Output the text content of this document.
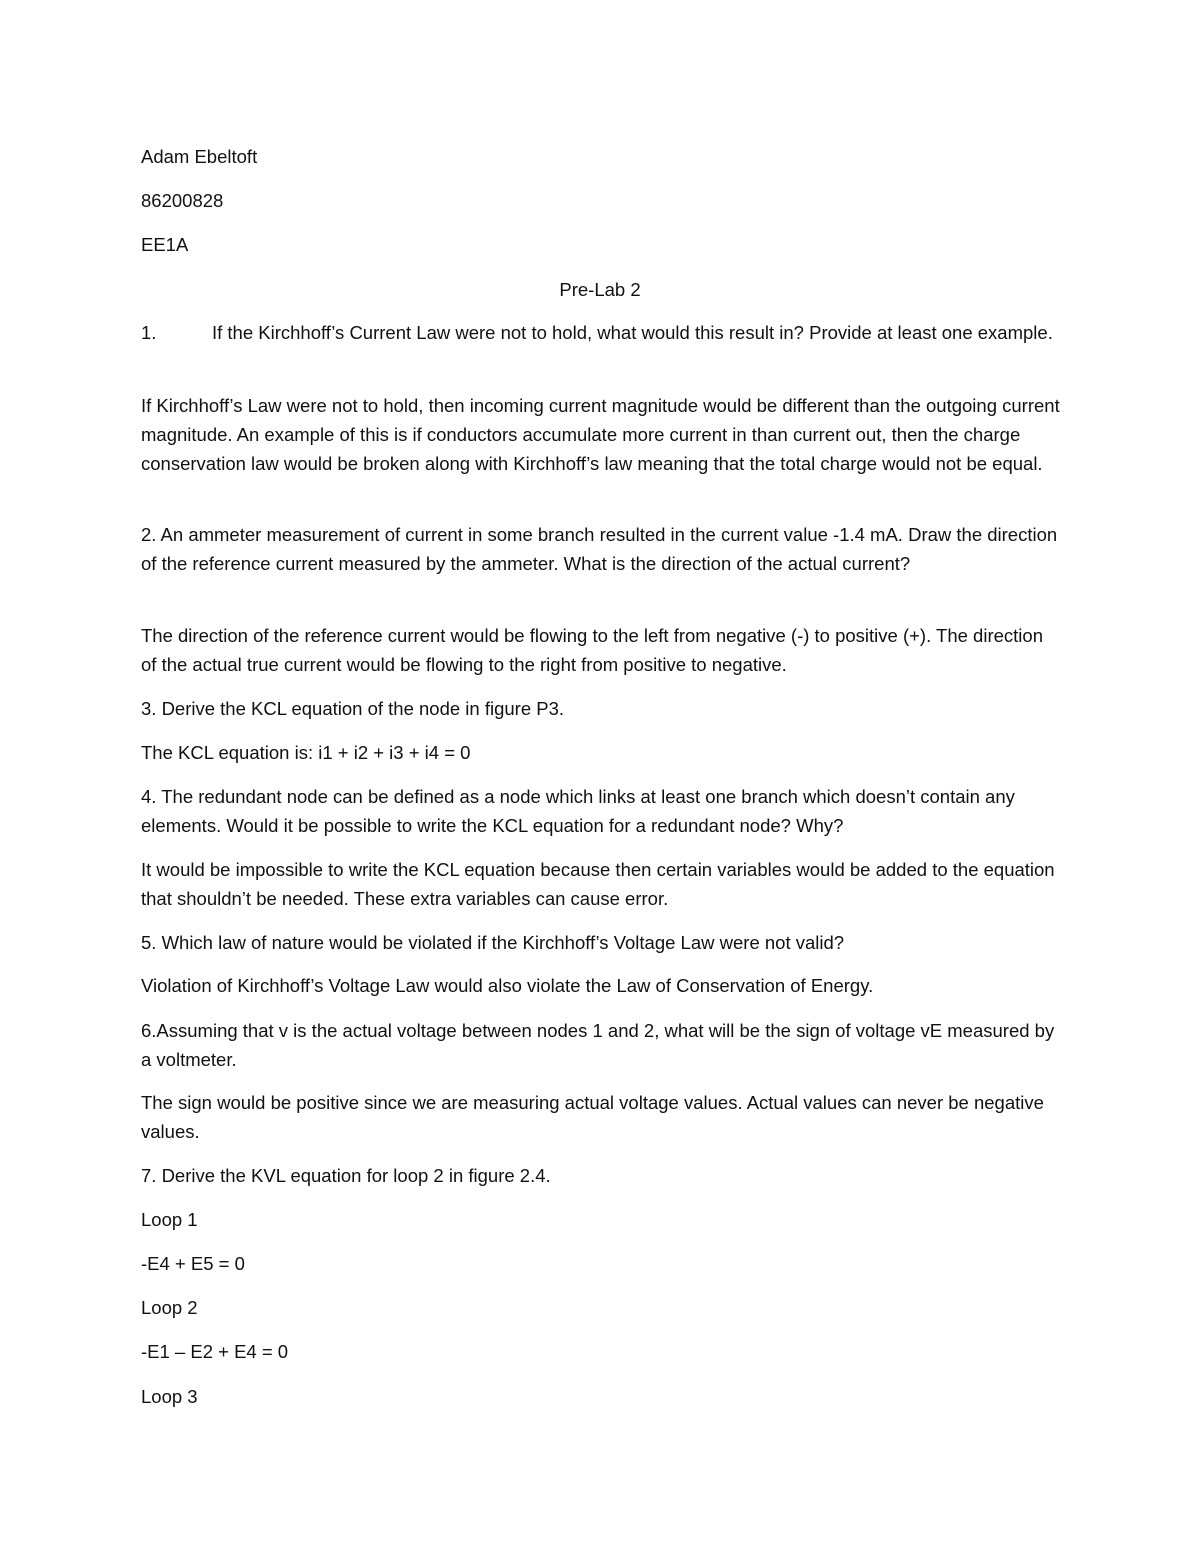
Adam Ebeltoft

86200828

EE1A

Pre-Lab 2

1.	If the Kirchhoff’s Current Law were not to hold, what would this result in? Provide at least one example.

If Kirchhoff’s Law were not to hold, then incoming current magnitude would be different than the outgoing current magnitude. An example of this is if conductors accumulate more current in than current out, then the charge conservation law would be broken along with Kirchhoff’s law meaning that the total charge would not be equal.

2. An ammeter measurement of current in some branch resulted in the current value -1.4 mA. Draw the direction of the reference current measured by the ammeter. What is the direction of the actual current?

The direction of the reference current would be flowing to the left from negative (-) to positive (+). The direction of the actual true current would be flowing to the right from positive to negative.

3. Derive the KCL equation of the node in figure P3.

The KCL equation is: i1 + i2 + i3 + i4 = 0

4. The redundant node can be defined as a node which links at least one branch which doesn’t contain any elements. Would it be possible to write the KCL equation for a redundant node? Why?

It would be impossible to write the KCL equation because then certain variables would be added to the equation that shouldn’t be needed. These extra variables can cause error.

5. Which law of nature would be violated if the Kirchhoff’s Voltage Law were not valid?

Violation of Kirchhoff’s Voltage Law would also violate the Law of Conservation of Energy.

6.Assuming that v is the actual voltage between nodes 1 and 2, what will be the sign of voltage vE measured by a voltmeter.

The sign would be positive since we are measuring actual voltage values. Actual values can never be negative values.

7. Derive the KVL equation for loop 2 in figure 2.4.

Loop 1

-E4 + E5 = 0

Loop 2

-E1 – E2 + E4 = 0

Loop 3
